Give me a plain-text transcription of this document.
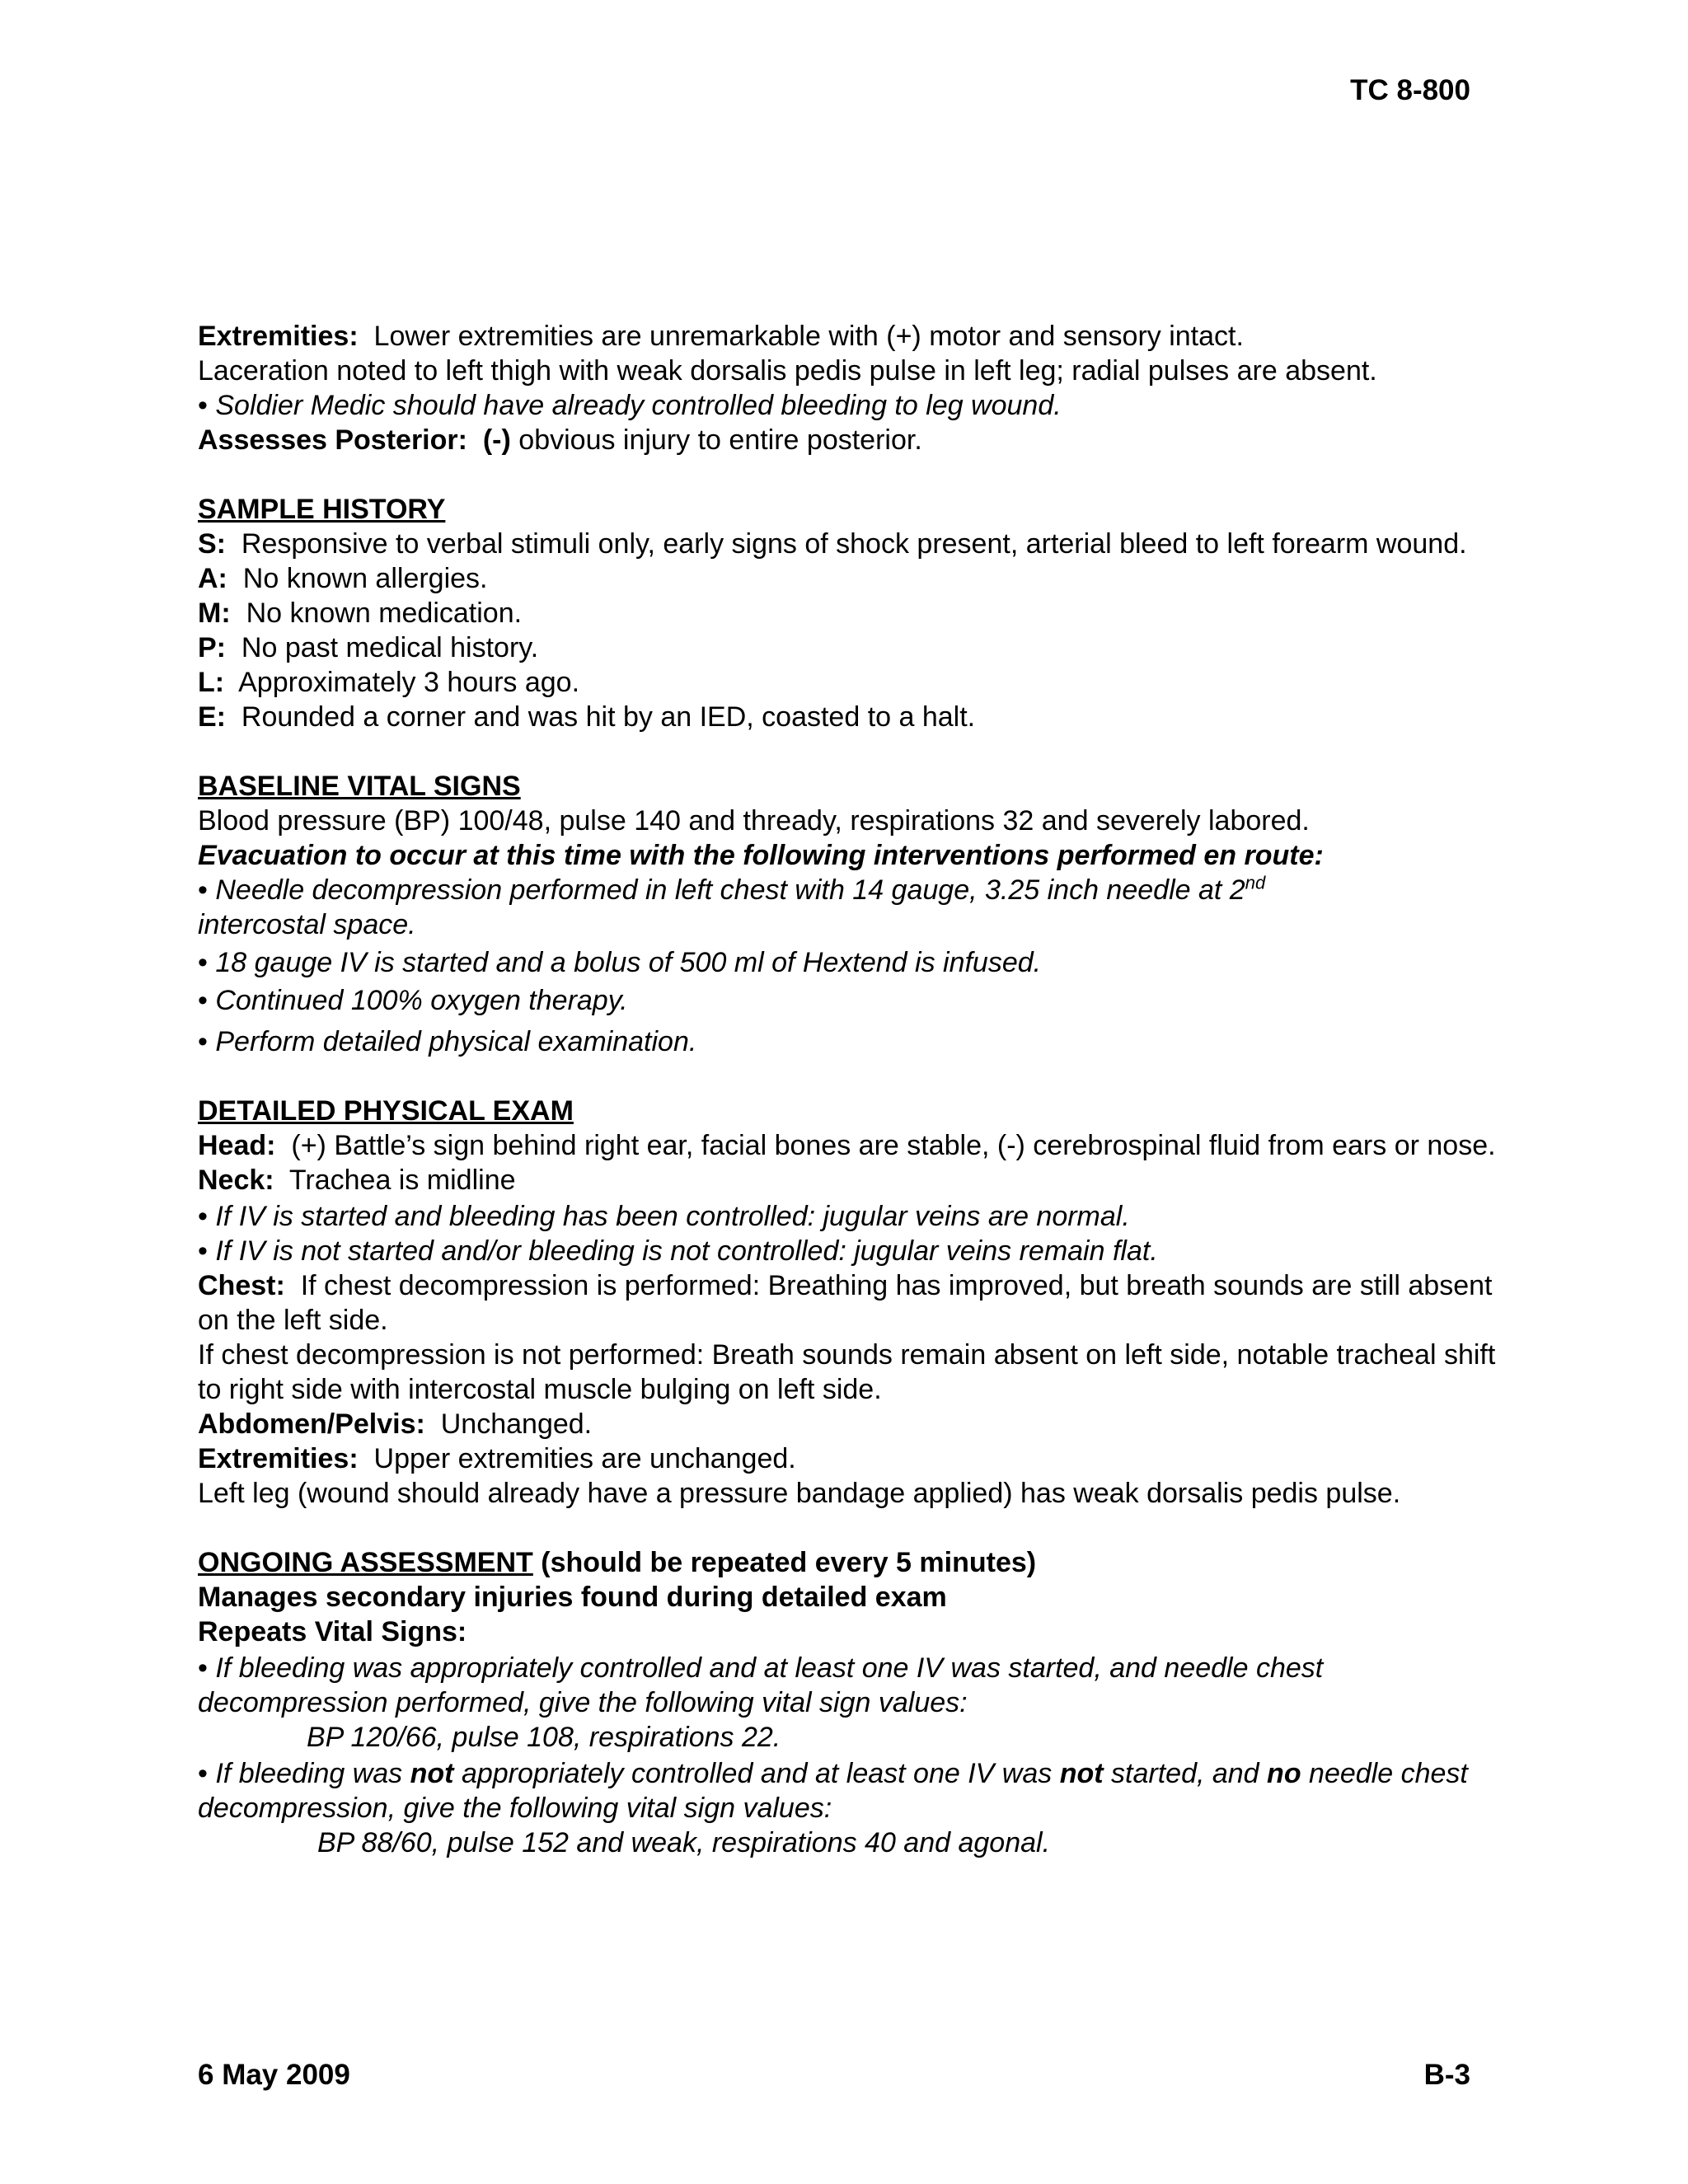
TC 8-800

Extremities: Lower extremities are unremarkable with (+) motor and sensory intact.

Laceration noted to left thigh with weak dorsalis pedis pulse in left leg; radial pulses are absent.

• Soldier Medic should have already controlled bleeding to leg wound.

Assesses Posterior: (-) obvious injury to entire posterior.

SAMPLE HISTORY

S: Responsive to verbal stimuli only, early signs of shock present, arterial bleed to left forearm wound.

A: No known allergies.

M: No known medication.

P: No past medical history.

L: Approximately 3 hours ago.

E: Rounded a corner and was hit by an IED, coasted to a halt.

BASELINE VITAL SIGNS

Blood pressure (BP) 100/48, pulse 140 and thready, respirations 32 and severely labored.

Evacuation to occur at this time with the following interventions performed en route:

• Needle decompression performed in left chest with 14 gauge, 3.25 inch needle at 2nd
intercostal space.

• 18 gauge IV is started and a bolus of 500 ml of Hextend is infused.

• Continued 100% oxygen therapy.

• Perform detailed physical examination.

DETAILED PHYSICAL EXAM

Head: (+) Battle’s sign behind right ear, facial bones are stable, (-) cerebrospinal fluid from ears or nose.

Neck: Trachea is midline

• If IV is started and bleeding has been controlled: jugular veins are normal.

• If IV is not started and/or bleeding is not controlled: jugular veins remain flat.

Chest: If chest decompression is performed: Breathing has improved, but breath sounds are still absent on the left side.

If chest decompression is not performed: Breath sounds remain absent on left side, notable tracheal shift to right side with intercostal muscle bulging on left side.

Abdomen/Pelvis: Unchanged.

Extremities: Upper extremities are unchanged.

Left leg (wound should already have a pressure bandage applied) has weak dorsalis pedis pulse.

ONGOING ASSESSMENT (should be repeated every 5 minutes)

Manages secondary injuries found during detailed exam

Repeats Vital Signs:

• If bleeding was appropriately controlled and at least one IV was started, and needle chest decompression performed, give the following vital sign values:

BP 120/66, pulse 108, respirations 22.

• If bleeding was not appropriately controlled and at least one IV was not started, and no needle chest decompression, give the following vital sign values:

BP 88/60, pulse 152 and weak, respirations 40 and agonal.

6 May 2009	B-3
